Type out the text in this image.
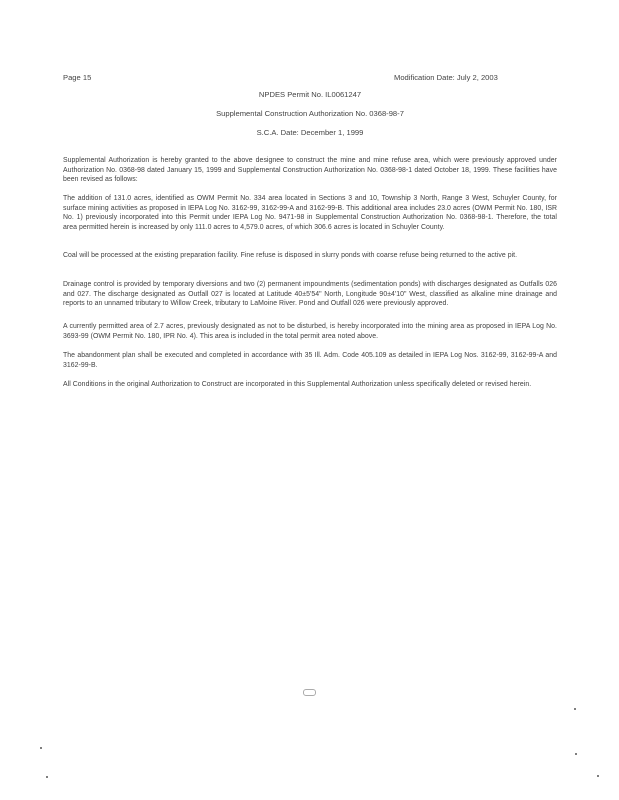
Page 15	Modification Date: July 2, 2003
NPDES Permit No. IL0061247
Supplemental Construction Authorization No. 0368-98-7
S.C.A. Date: December 1, 1999
Supplemental Authorization is hereby granted to the above designee to construct the mine and mine refuse area, which were previously approved under Authorization No. 0368-98 dated January 15, 1999 and Supplemental Construction Authorization No. 0368-98-1 dated October 18, 1999. These facilities have been revised as follows:
The addition of 131.0 acres, identified as OWM Permit No. 334 area located in Sections 3 and 10, Township 3 North, Range 3 West, Schuyler County, for surface mining activities as proposed in IEPA Log No. 3162-99, 3162-99-A and 3162-99-B. This additional area includes 23.0 acres (OWM Permit No. 180, ISR No. 1) previously incorporated into this Permit under IEPA Log No. 9471-98 in Supplemental Construction Authorization No. 0368-98-1. Therefore, the total area permitted herein is increased by only 111.0 acres to 4,579.0 acres, of which 306.6 acres is located in Schuyler County.
Coal will be processed at the existing preparation facility. Fine refuse is disposed in slurry ponds with coarse refuse being returned to the active pit.
Drainage control is provided by temporary diversions and two (2) permanent impoundments (sedimentation ponds) with discharges designated as Outfalls 026 and 027. The discharge designated as Outfall 027 is located at Latitude 40±5'54" North, Longitude 90±4'10" West, classified as alkaline mine drainage and reports to an unnamed tributary to Willow Creek, tributary to LaMoine River. Pond and Outfall 026 were previously approved.
A currently permitted area of 2.7 acres, previously designated as not to be disturbed, is hereby incorporated into the mining area as proposed in IEPA Log No. 3693-99 (OWM Permit No. 180, IPR No. 4). This area is included in the total permit area noted above.
The abandonment plan shall be executed and completed in accordance with 35 Ill. Adm. Code 405.109 as detailed in IEPA Log Nos. 3162-99, 3162-99-A and 3162-99-B.
All Conditions in the original Authorization to Construct are incorporated in this Supplemental Authorization unless specifically deleted or revised herein.
